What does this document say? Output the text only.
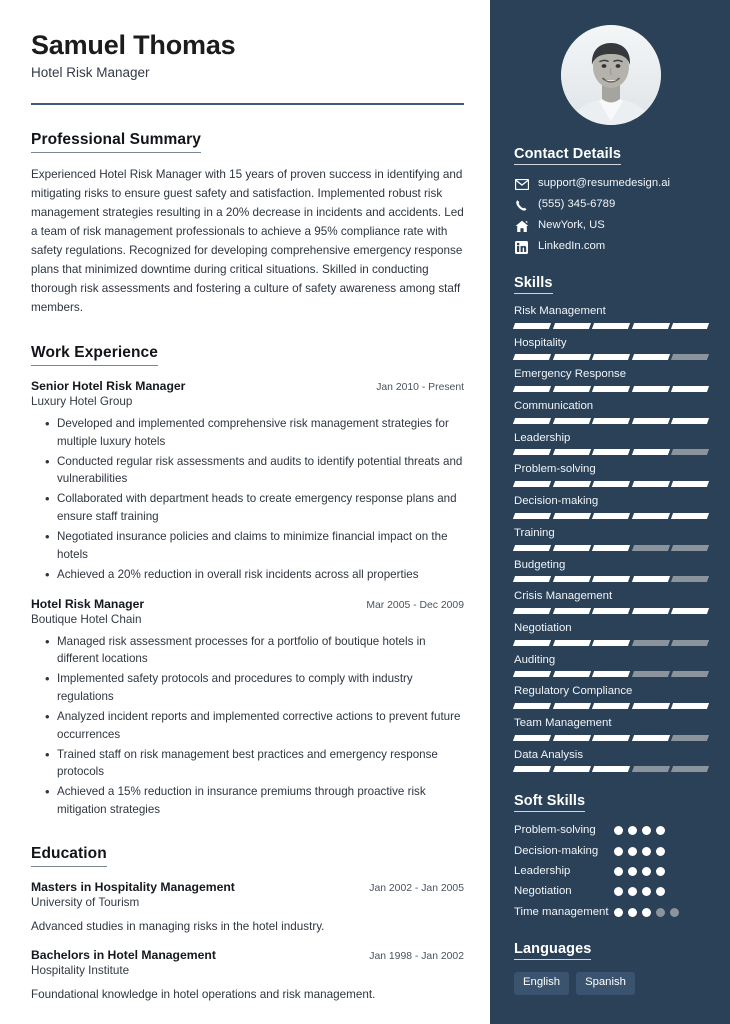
Samuel Thomas
Hotel Risk Manager
Professional Summary
Experienced Hotel Risk Manager with 15 years of proven success in identifying and mitigating risks to ensure guest safety and satisfaction. Implemented robust risk management strategies resulting in a 20% decrease in incidents and accidents. Led a team of risk management professionals to achieve a 95% compliance rate with safety regulations. Recognized for developing comprehensive emergency response plans that minimized downtime during critical situations. Skilled in conducting thorough risk assessments and fostering a culture of safety awareness among staff members.
Work Experience
Senior Hotel Risk Manager	Jan 2010 - Present
Luxury Hotel Group
• Developed and implemented comprehensive risk management strategies for multiple luxury hotels
• Conducted regular risk assessments and audits to identify potential threats and vulnerabilities
• Collaborated with department heads to create emergency response plans and ensure staff training
• Negotiated insurance policies and claims to minimize financial impact on the hotels
• Achieved a 20% reduction in overall risk incidents across all properties
Hotel Risk Manager	Mar 2005 - Dec 2009
Boutique Hotel Chain
• Managed risk assessment processes for a portfolio of boutique hotels in different locations
• Implemented safety protocols and procedures to comply with industry regulations
• Analyzed incident reports and implemented corrective actions to prevent future occurrences
• Trained staff on risk management best practices and emergency response protocols
• Achieved a 15% reduction in insurance premiums through proactive risk mitigation strategies
Education
Masters in Hospitality Management	Jan 2002 - Jan 2005
University of Tourism
Advanced studies in managing risks in the hotel industry.
Bachelors in Hotel Management	Jan 1998 - Jan 2002
Hospitality Institute
Foundational knowledge in hotel operations and risk management.
Contact Details
support@resumedesign.ai
(555) 345-6789
NewYork, US
LinkedIn.com
Skills
Risk Management
Hospitality
Emergency Response
Communication
Leadership
Problem-solving
Decision-making
Training
Budgeting
Crisis Management
Negotiation
Auditing
Regulatory Compliance
Team Management
Data Analysis
Soft Skills
Problem-solving
Decision-making
Leadership
Negotiation
Time management
Languages
English	Spanish
